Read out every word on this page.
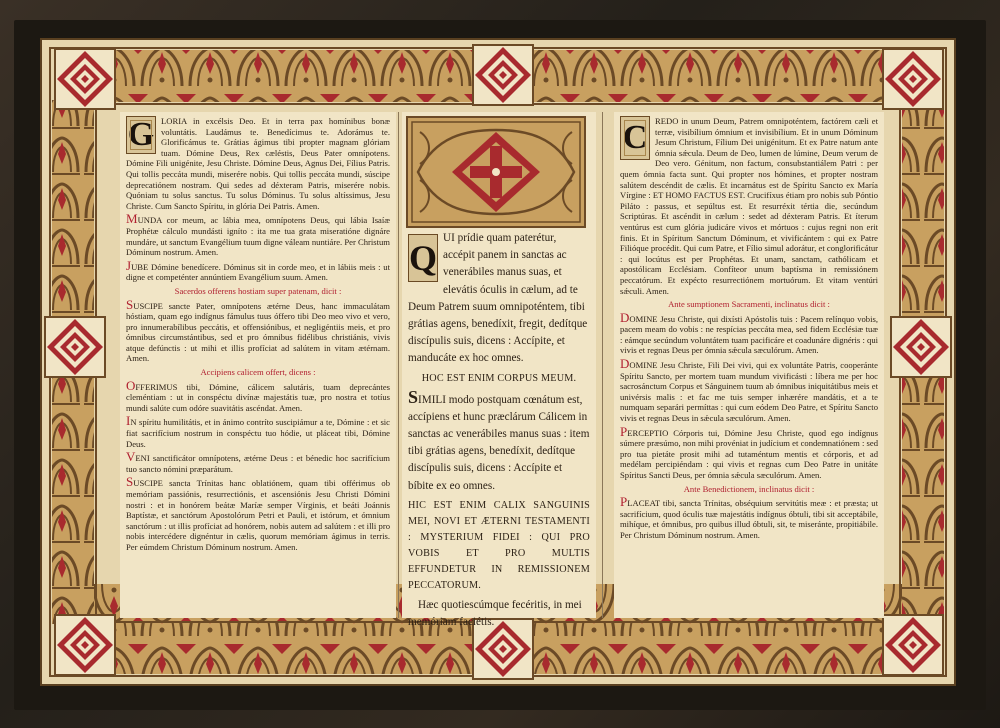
G LORIA in excélsis Deo. Et in terra pax homínibus bonæ voluntátis. Laudámus te. Benedícimus te. Adorámus te. Glorificámus te. Grátias ágimus tibi propter magnam glóriam tuam. Dómine Deus, Rex cæléstis, Deus Pater omnípotens. Dómine Fili unigénite, Jesu Christe. Dómine Deus, Agnus Dei, Fílius Patris. Qui tollis peccáta mundi, miserére nobis. Qui tollis peccáta mundi, súscipe deprecatiónem nostram. Qui sedes ad déxteram Patris, miserére nobis. Quóniam tu solus sanctus. Tu solus Dóminus. Tu solus altíssimus, Jesu Christe. Cum Sancto Spíritu, in glória Dei Patris. Amen.

MUNDA cor meum, ac lábia mea, omnípotens Deus, qui lábia Isaíæ Prophétæ cálculo mundásti igníto : ita me tua grata miseratióne dignáre mundáre, ut sanctum Evangélium tuum digne váleam nuntiáre. Per Christum Dóminum nostrum. Amen.

JUBE Dómine benedícere. Dóminus sit in corde meo, et in lábiis meis : ut digne et competénter annúntiem Evangélium suum. Amen.

Sacerdos offerens hostiam super patenam, dicit :

SUSCIPE sancte Pater, omnípotens ætérne Deus, hanc immaculátam hóstiam, quam ego indígnus fámulus tuus óffero tibi Deo meo vivo et vero, pro innumerabílibus peccátis, et offensiónibus, et negligéntiis meis, et pro ómnibus circumstántibus, sed et pro ómnibus fidélibus christiánis, vivis atque defúnctis : ut mihi et illis profíciat ad salútem in vitam ætérnam. Amen.

Accipiens calicem offert, dicens :

OFFERIMUS tibi, Dómine, cálicem salutáris, tuam deprecántes cleméntiam : ut in conspéctu divínæ majestátis tuæ, pro nostra et totíus mundi salúte cum odóre suavitátis ascéndat. Amen.

IN spíritu humilitátis, et in ánimo contríto suscipiámur a te, Dómine : et sic fiat sacrifícium nostrum in conspéctu tuo hódie, ut pláceat tibi, Dómine Deus.

VENI sanctificátor omnípotens, ætérne Deus : et bénedic hoc sacrifícium tuo sancto nómini præparátum.

SUSCIPE sancta Trínitas hanc oblatiónem, quam tibi offérimus ob memóriam passiónis, resurrectiónis, et ascensiónis Jesu Christi Dómini nostri : et in honórem beátæ Maríæ semper Vírginis, et beáti Joánnis Baptístæ, et sanctórum Apostolórum Petri et Pauli, et istórum, et ómnium sanctórum : ut illis profíciat ad honórem, nobis autem ad salútem : et illi pro nobis intercédere dignéntur in cælis, quorum memóriam ágimus in terris. Per eúmdem Christum Dóminum nostrum. Amen.

Q UI prídie quam paterétur, accépit panem in sanctas ac venerábiles manus suas, et elevátis óculis in cælum, ad te Deum Patrem suum omnipoténtem, tibi grátias agens, benedíxit, fregit, dedítque discípulis suis, dicens : Accípite, et manducáte ex hoc omnes.

HOC EST ENIM CORPUS MEUM.

SIMILI modo postquam cœnátum est, accípiens et hunc præclárum Cálicem in sanctas ac venerábiles manus suas : item tibi grátias agens, benedíxit, dedítque discípulis suis, dicens : Accípite et bíbite ex eo omnes.

HIC EST ENIM CALIX SANGUINIS MEI, NOVI ET ÆTERNI TESTAMENTI : MYSTERIUM FIDEI : QUI PRO VOBIS ET PRO MULTIS EFFUNDETUR IN REMISSIONEM PECCATORUM.

Hæc quotiescúmque fecéritis, in mei memóriam faciétis.

C REDO in unum Deum, Patrem omnipoténtem, factórem cæli et terræ, visibílium ómnium et invisibílium. Et in unum Dóminum Jesum Christum, Fílium Dei unigénitum. Et ex Patre natum ante ómnia sǽcula. Deum de Deo, lumen de lúmine, Deum verum de Deo vero. Génitum, non factum, consubstantiálem Patri : per quem ómnia facta sunt. Qui propter nos hómines, et propter nostram salútem descéndit de cælis. Et incarnátus est de Spíritu Sancto ex María Vírgine : ET HOMO FACTUS EST. Crucifíxus étiam pro nobis sub Póntio Piláto : passus, et sepúltus est. Et resurréxit tértia die, secúndum Scriptúras. Et ascéndit in cælum : sedet ad déxteram Patris. Et íterum ventúrus est cum glória judicáre vivos et mórtuos : cujus regni non erit finis. Et in Spíritum Sanctum Dóminum, et vivificántem : qui ex Patre Filióque procédit. Qui cum Patre, et Fílio simul adorátur, et conglorificátur : qui locútus est per Prophétas. Et unam, sanctam, cathólicam et apostólicam Ecclésiam. Confíteor unum baptísma in remissiónem peccatórum. Et expécto resurrectiónem mortuórum. Et vitam ventúri sǽculi. Amen.

Ante sumptionem Sacramenti, inclinatus dicit :

DOMINE Jesu Christe, qui dixísti Apóstolis tuis : Pacem relínquo vobis, pacem meam do vobis : ne respícias peccáta mea, sed fidem Ecclésiæ tuæ : eámque secúndum voluntátem tuam pacificáre et coadunáre dignéris : qui vivis et regnas Deus per ómnia sǽcula sæculórum. Amen.

DOMINE Jesu Christe, Fili Dei vivi, qui ex voluntáte Patris, cooperánte Spíritu Sancto, per mortem tuam mundum vivificásti : líbera me per hoc sacrosánctum Corpus et Sánguinem tuum ab ómnibus iniquitátibus meis et univérsis malis : et fac me tuis semper inhærére mandátis, et a te numquam separári permíttas : qui cum eódem Deo Patre, et Spíritu Sancto vivis et regnas Deus in sǽcula sæculórum. Amen.

PERCEPTIO Córporis tui, Dómine Jesu Christe, quod ego indígnus súmere præsúmo, non mihi provéniat in judícium et condemnatiónem : sed pro tua pietáte prosit mihi ad tutaméntum mentis et córporis, et ad medélam percipiéndam : qui vivis et regnas cum Deo Patre in unitáte Spíritus Sancti Deus, per ómnia sǽcula sæculórum. Amen.

Ante Benedictionem, inclinatus dicit :

PLACEAT tibi, sancta Trínitas, obséquium servitútis meæ : et præsta; ut sacrifícium, quod óculis tuæ majestátis indígnus óbtuli, tibi sit acceptábile, mihíque, et ómnibus, pro quibus illud óbtuli, sit, te miseránte, propitiábile. Per Christum Dóminum nostrum. Amen.
